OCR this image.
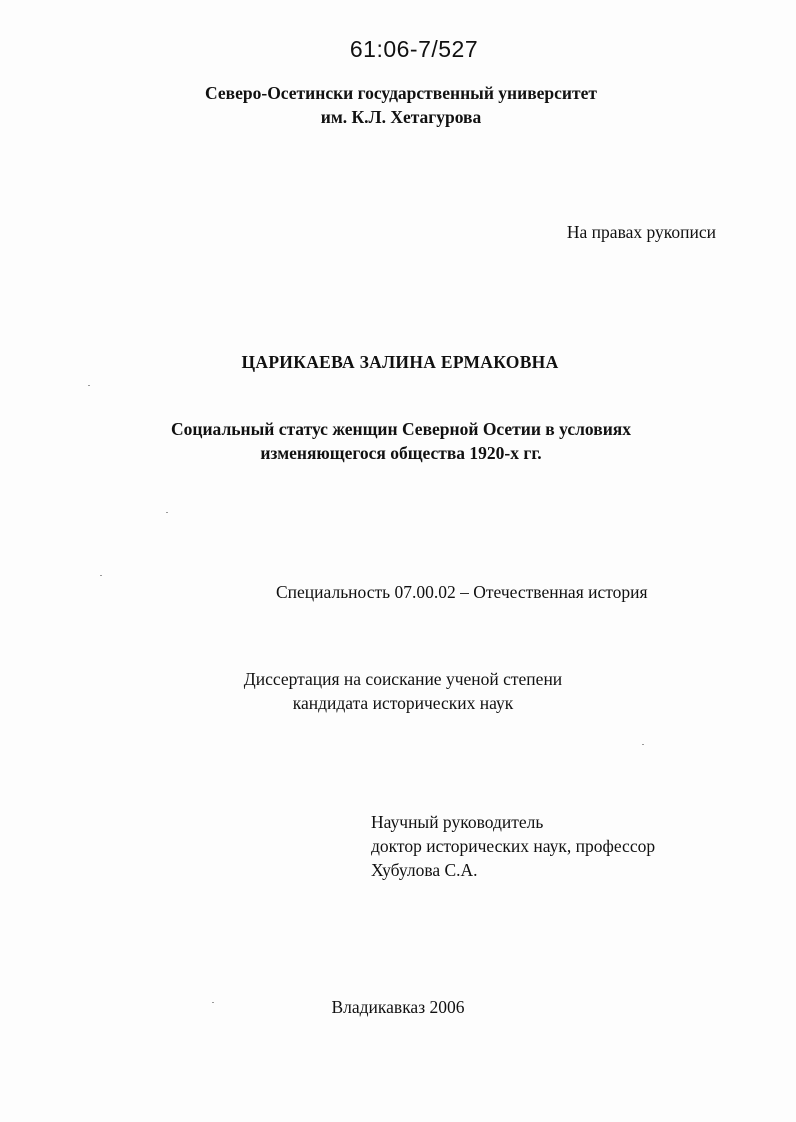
61:06-7/527
Северо-Осетински государственный университет
им. К.Л. Хетагурова
На правах рукописи
ЦАРИКАЕВА ЗАЛИНА ЕРМАКОВНА
Социальный статус женщин Северной Осетии в условиях
изменяющегося общества 1920-х гг.
Специальность 07.00.02 – Отечественная история
Диссертация на соискание ученой степени
кандидата исторических наук
Научный руководитель
доктор исторических наук, профессор
Хубулова С.А.
Владикавказ 2006
